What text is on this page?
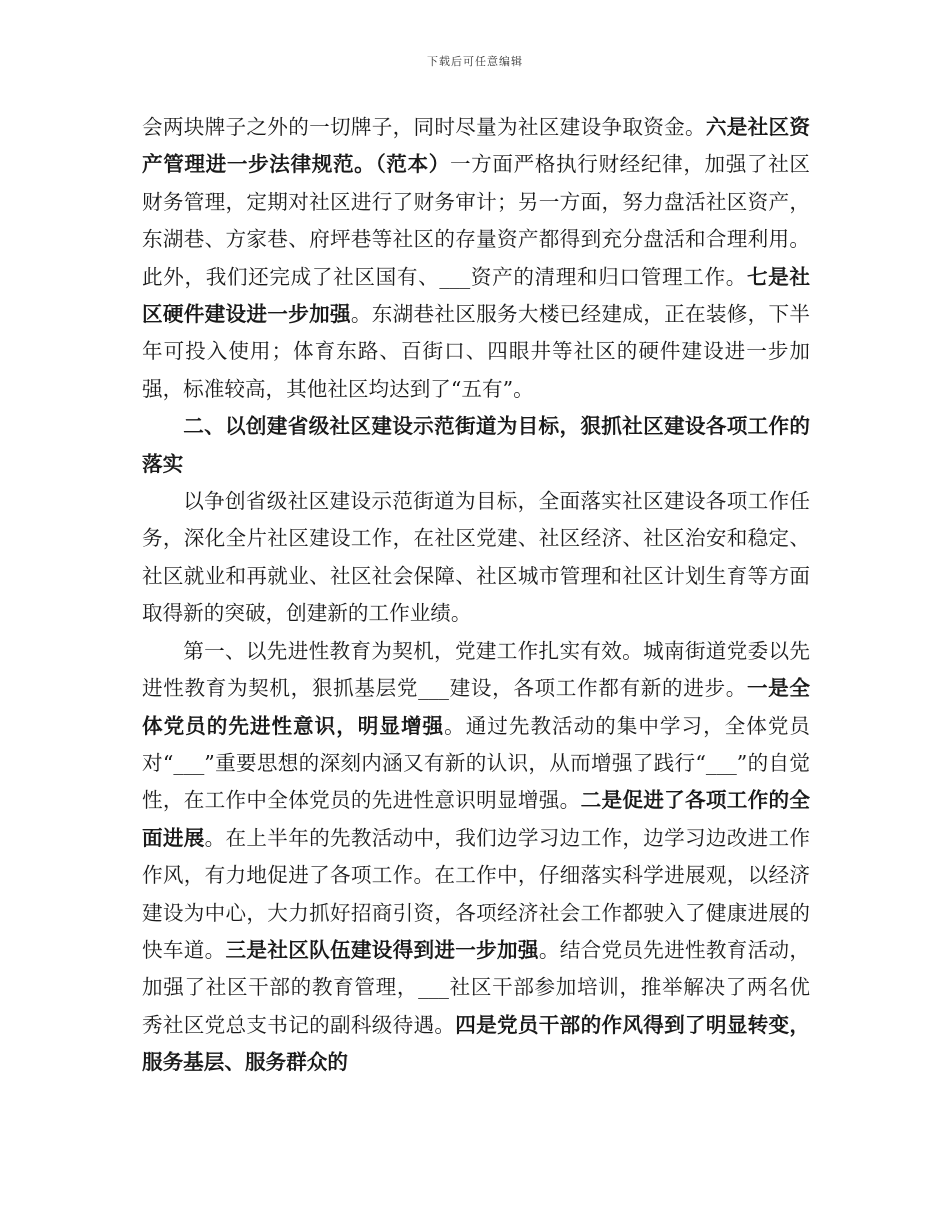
下载后可任意编辑

会两块牌子之外的一切牌子，同时尽量为社区建设争取资金。六是社区资产管理进一步法律规范。（范本）一方面严格执行财经纪律，加强了社区财务管理，定期对社区进行了财务审计；另一方面，努力盘活社区资产，东湖巷、方家巷、府坪巷等社区的存量资产都得到充分盘活和合理利用。此外，我们还完成了社区国有、___资产的清理和归口管理工作。七是社区硬件建设进一步加强。东湖巷社区服务大楼已经建成，正在装修，下半年可投入使用；体育东路、百街口、四眼井等社区的硬件建设进一步加强，标准较高，其他社区均达到了“五有”。

二、以创建省级社区建设示范街道为目标，狠抓社区建设各项工作的落实

以争创省级社区建设示范街道为目标，全面落实社区建设各项工作任务，深化全片社区建设工作，在社区党建、社区经济、社区治安和稳定、社区就业和再就业、社区社会保障、社区城市管理和社区计划生育等方面取得新的突破，创建新的工作业绩。

第一、以先进性教育为契机，党建工作扎实有效。城南街道党委以先进性教育为契机，狠抓基层党___建设，各项工作都有新的进步。一是全体党员的先进性意识，明显增强。通过先教活动的集中学习，全体党员对“___”重要思想的深刻内涵又有新的认识，从而增强了践行“___”的自觉性，在工作中全体党员的先进性意识明显增强。二是促进了各项工作的全面进展。在上半年的先教活动中，我们边学习边工作，边学习边改进工作作风，有力地促进了各项工作。在工作中，仔细落实科学进展观，以经济建设为中心，大力抓好招商引资，各项经济社会工作都驶入了健康进展的快车道。三是社区队伍建设得到进一步加强。结合党员先进性教育活动，加强了社区干部的教育管理，___社区干部参加培训，推举解决了两名优秀社区党总支书记的副科级待遇。四是党员干部的作风得到了明显转变，服务基层、服务群众的
